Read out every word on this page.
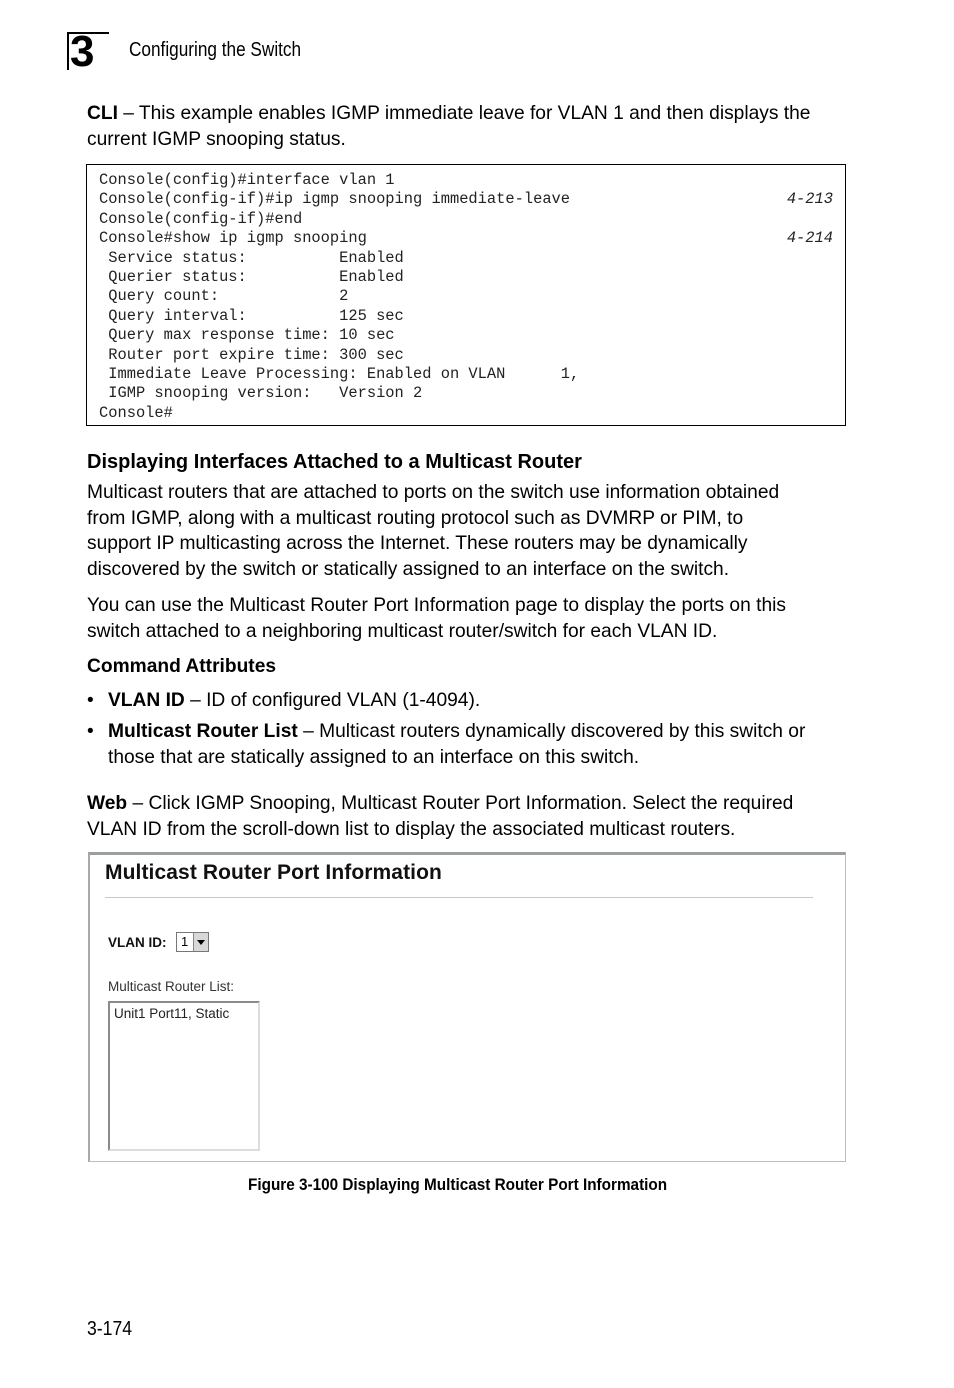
3 Configuring the Switch
CLI – This example enables IGMP immediate leave for VLAN 1 and then displays the current IGMP snooping status.
Console(config)#interface vlan 1
Console(config-if)#ip igmp snooping immediate-leave	4-213
Console(config-if)#end
Console#show ip igmp snooping	4-214
Service status:          Enabled
Querier status:          Enabled
Query count:             2
Query interval:          125 sec
Query max response time: 10 sec
Router port expire time: 300 sec
Immediate Leave Processing: Enabled on VLAN      1,
IGMP snooping version:   Version 2
Console#
Displaying Interfaces Attached to a Multicast Router
Multicast routers that are attached to ports on the switch use information obtained
from IGMP, along with a multicast routing protocol such as DVMRP or PIM, to
support IP multicasting across the Internet. These routers may be dynamically
discovered by the switch or statically assigned to an interface on the switch.
You can use the Multicast Router Port Information page to display the ports on this
switch attached to a neighboring multicast router/switch for each VLAN ID.
Command Attributes
• VLAN ID – ID of configured VLAN (1-4094).
• Multicast Router List – Multicast routers dynamically discovered by this switch or
those that are statically assigned to an interface on this switch.
Web – Click IGMP Snooping, Multicast Router Port Information. Select the required
VLAN ID from the scroll-down list to display the associated multicast routers.
Multicast Router Port Information
VLAN ID: 1
Multicast Router List:
Unit1 Port11, Static
Figure 3-100 Displaying Multicast Router Port Information
3-174
